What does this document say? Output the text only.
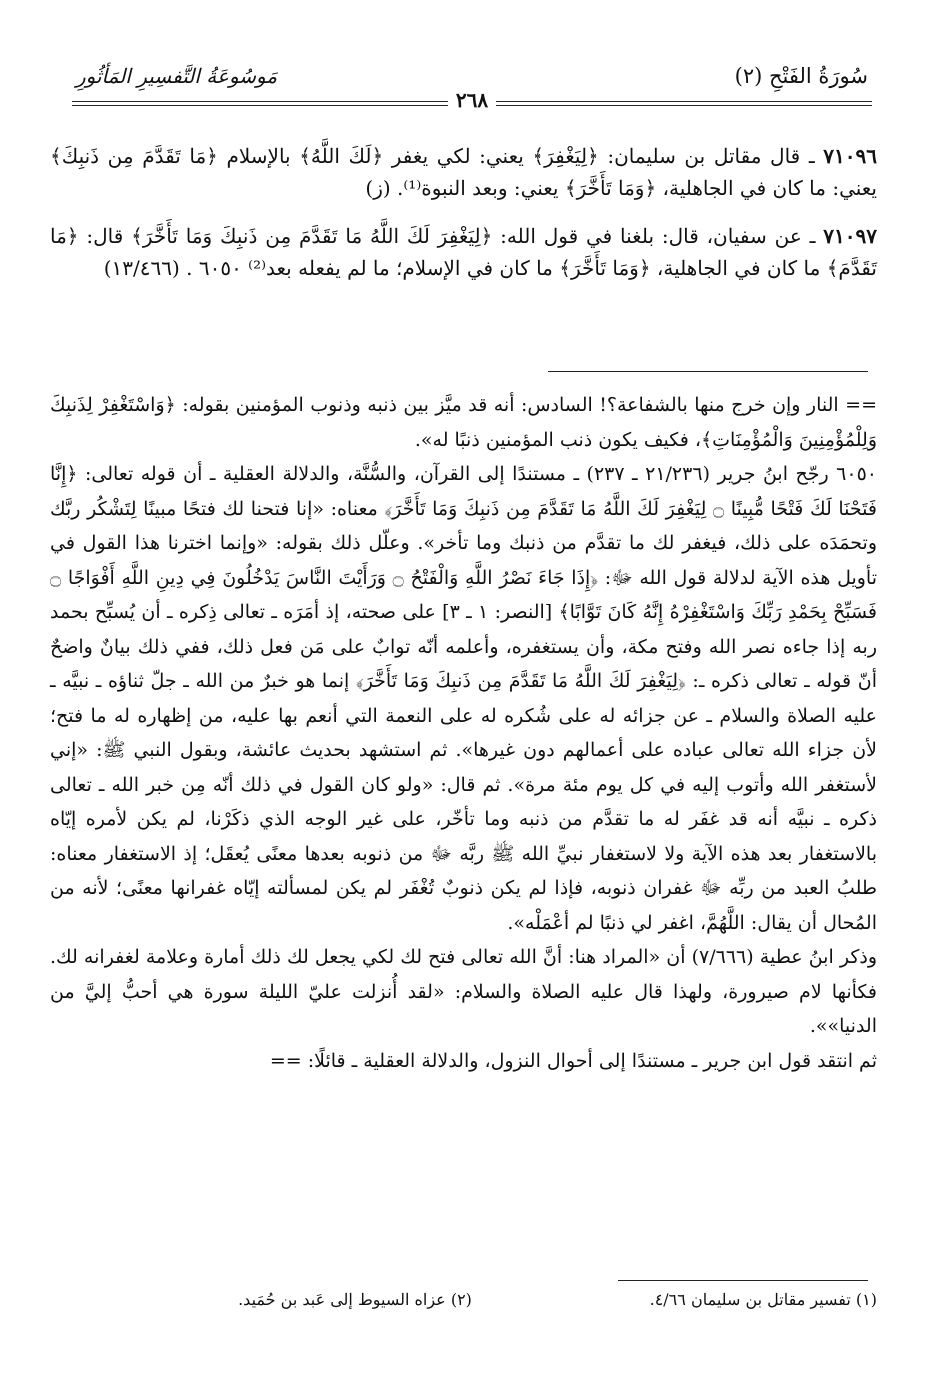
سُورَةُ الفَتْحِ (٢)
مَوسُوعَةُ التَّفسِيرِ المَأثُورِ
٢٦٨
٧١٠٩٦ ـ قال مقاتل بن سليمان: ﴿لِيَغْفِرَ﴾ يعني: لكي يغفر ﴿لَكَ اللَّهُ﴾ بالإسلام ﴿مَا تَقَدَّمَ مِن ذَنبِكَ﴾ يعني: ما كان في الجاهلية، ﴿وَمَا تَأَخَّرَ﴾ يعني: وبعد النبوة⁽¹⁾. (ز)
٧١٠٩٧ ـ عن سفيان، قال: بلغنا في قول الله: ﴿لِيَغْفِرَ لَكَ اللَّهُ مَا تَقَدَّمَ مِن ذَنبِكَ وَمَا تَأَخَّرَ﴾ قال: ﴿مَا تَقَدَّمَ﴾ ما كان في الجاهلية، ﴿وَمَا تَأَخَّرَ﴾ ما كان في الإسلام؛ ما لم يفعله بعد⁽²⁾ ٦٠٥٠ . (١٣/٤٦٦)

== النار وإن خرج منها بالشفاعة؟! السادس: أنه قد ميَّز بين ذنبه وذنوب المؤمنين بقوله: ﴿وَاسْتَغْفِرْ لِذَنبِكَ وَلِلْمُؤْمِنِينَ وَالْمُؤْمِنَاتِ﴾، فكيف يكون ذنب المؤمنين ذنبًا له».

٦٠٥٠ رجّح ابنُ جرير (٢١/٢٣٦ ـ ٢٣٧) ـ مستندًا إلى القرآن، والسُّنَّة، والدلالة العقلية ـ أن قوله تعالى: ﴿إِنَّا فَتَحْنَا لَكَ فَتْحًا مُّبِينًا ۝ لِيَغْفِرَ لَكَ اللَّهُ مَا تَقَدَّمَ مِن ذَنبِكَ وَمَا تَأَخَّرَ﴾ معناه: «إنا فتحنا لك فتحًا مبينًا لِتَشْكُر ربَّك وتحمَدَه على ذلك، فيغفر لك ما تقدَّم من ذنبك وما تأخر». وعلّل ذلك بقوله: «وإنما اخترنا هذا القول في تأويل هذه الآية لدلالة قول الله ﷻ: ﴿إِذَا جَاءَ نَصْرُ اللَّهِ وَالْفَتْحُ ۝ وَرَأَيْتَ النَّاسَ يَدْخُلُونَ فِي دِينِ اللَّهِ أَفْوَاجًا ۝ فَسَبِّحْ بِحَمْدِ رَبِّكَ وَاسْتَغْفِرْهُ إِنَّهُ كَانَ تَوَّابًا﴾ [النصر: ١ ـ ٣] على صحته، إذ أمَرَه ـ تعالى ذِكره ـ أن يُسبِّح بحمد ربه إذا جاءه نصر الله وفتح مكة، وأن يستغفره، وأعلمه أنّه توابٌ على مَن فعل ذلك، ففي ذلك بيانٌ واضحٌ أنّ قوله ـ تعالى ذكره ـ: ﴿لِيَغْفِرَ لَكَ اللَّهُ مَا تَقَدَّمَ مِن ذَنبِكَ وَمَا تَأَخَّرَ﴾ إنما هو خبرٌ من الله ـ جلّ ثناؤه ـ نبيَّه ـ عليه الصلاة والسلام ـ عن جزائه له على شُكره له على النعمة التي أنعم بها عليه، من إظهاره له ما فتح؛ لأن جزاء الله تعالى عباده على أعمالهم دون غيرها». ثم استشهد بحديث عائشة، وبقول النبي ﷺ: «إني لأستغفر الله وأتوب إليه في كل يوم مئة مرة». ثم قال: «ولو كان القول في ذلك أنّه مِن خبر الله ـ تعالى ذكره ـ نبيَّه أنه قد غفَر له ما تقدَّم من ذنبه وما تأخّر، على غير الوجه الذي ذكَرْنا، لم يكن لأمره إيّاه بالاستغفار بعد هذه الآية ولا لاستغفار نبيِّ الله ﷺ ربَّه ﷻ من ذنوبه بعدها معنًى يُعقَل؛ إذ الاستغفار معناه: طلبُ العبد من ربِّه ﷻ غفران ذنوبه، فإذا لم يكن ذنوبٌ تُغْفَر لم يكن لمسألته إيّاه غفرانها معنًى؛ لأنه من المُحال أن يقال: اللَّهُمَّ، اغفر لي ذنبًا لم أعْمَلْه».

وذكر ابنُ عطية (٧/٦٦٦) أن «المراد هنا: أنَّ الله تعالى فتح لك لكي يجعل لك ذلك أمارة وعلامة لغفرانه لك. فكأنها لام صيرورة، ولهذا قال عليه الصلاة والسلام: «لقد أُنزلت عليّ الليلة سورة هي أحبُّ إليَّ من الدنيا»».

ثم انتقد قول ابن جرير ـ مستندًا إلى أحوال النزول، والدلالة العقلية ـ قائلًا: ==

(١) تفسير مقاتل بن سليمان ٤/٦٦. (٢) عزاه السيوط إلى عَبد بن حُمَيد.
